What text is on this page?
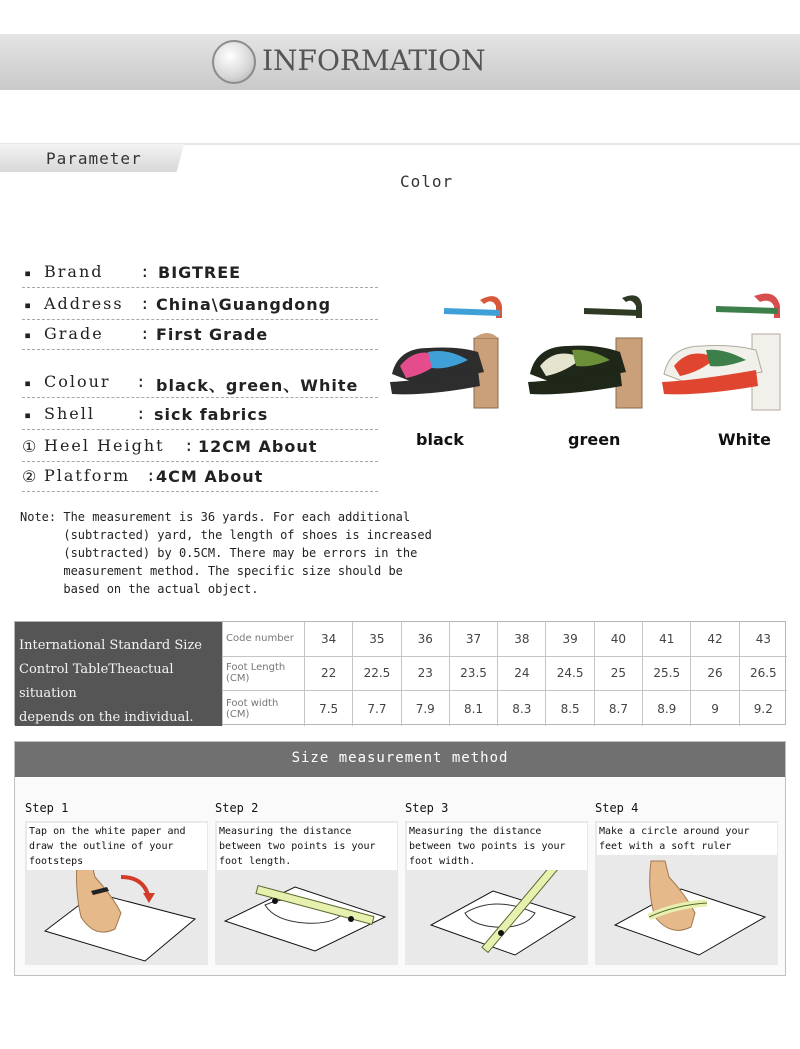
INFORMATION
Parameter
Color
▪ Brand : BIGTREE
▪ Address : China\Guangdong
▪ Grade : First Grade
▪ Colour : black、green、White
▪ Shell	: sick fabrics
① Heel Height : 12CM About
② Platform : 4CM About
black	green	White
Note: The measurement is 36 yards. For each additional
(subtracted) yard, the length of shoes is increased
(subtracted) by 0.5CM. There may be errors in the
measurement method. The specific size should be
based on the actual object.
International Standard Size
Control TableTheactual situation
depends on the individual.
Code number	34	35	36	37	38	39	40	41	42	43
Foot Length (CM)	22	22.5	23	23.5	24	24.5	25	25.5	26	26.5
Foot width (CM)	7.5	7.7	7.9	8.1	8.3	8.5	8.7	8.9	9	9.2
Size measurement method
Step 1
Tap on the white paper and draw the outline of your footsteps
Step 2
Measuring the distance between two points is your foot length.
Step 3
Measuring the distance between two points is your foot width.
Step 4
Make a circle around your feet with a soft ruler
